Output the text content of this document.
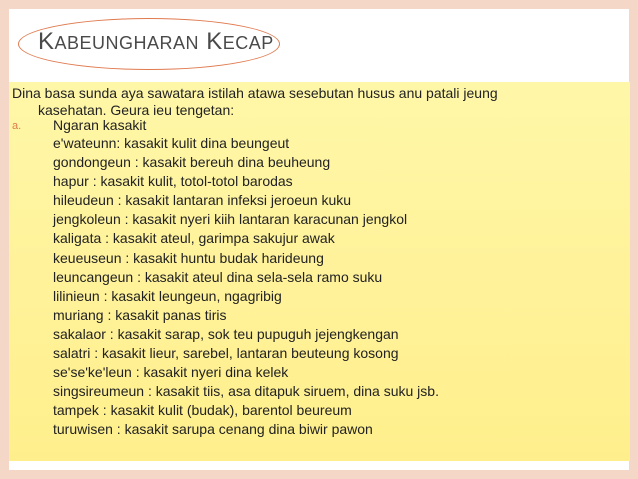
KABEUNGHARAN KECAP
Dina basa sunda aya sawatara istilah atawa sesebutan husus anu patali jeung
kasehatan. Geura ieu tengetan:
a. Ngaran kasakit
e'wateunn: kasakit kulit dina beungeut
gondongeun : kasakit bereuh dina beuheung
hapur : kasakit kulit, totol-totol barodas
hileudeun : kasakit lantaran infeksi jeroeun kuku
jengkoleun : kasakit nyeri kiih lantaran karacunan jengkol
kaligata : kasakit ateul, garimpa sakujur awak
keueuseun : kasakit huntu budak harideung
leuncangeun : kasakit ateul dina sela-sela ramo suku
lilinieun : kasakit leungeun, ngagribig
muriang : kasakit panas tiris
sakalaor : kasakit sarap, sok teu pupuguh jejengkengan
salatri : kasakit lieur, sarebel, lantaran beuteung kosong
se'se'ke'leun : kasakit nyeri dina kelek
singsireumeun : kasakit tiis, asa ditapuk siruem, dina suku jsb.
tampek : kasakit kulit (budak), barentol beureum
turuwisen : kasakit sarupa cenang dina biwir pawon
